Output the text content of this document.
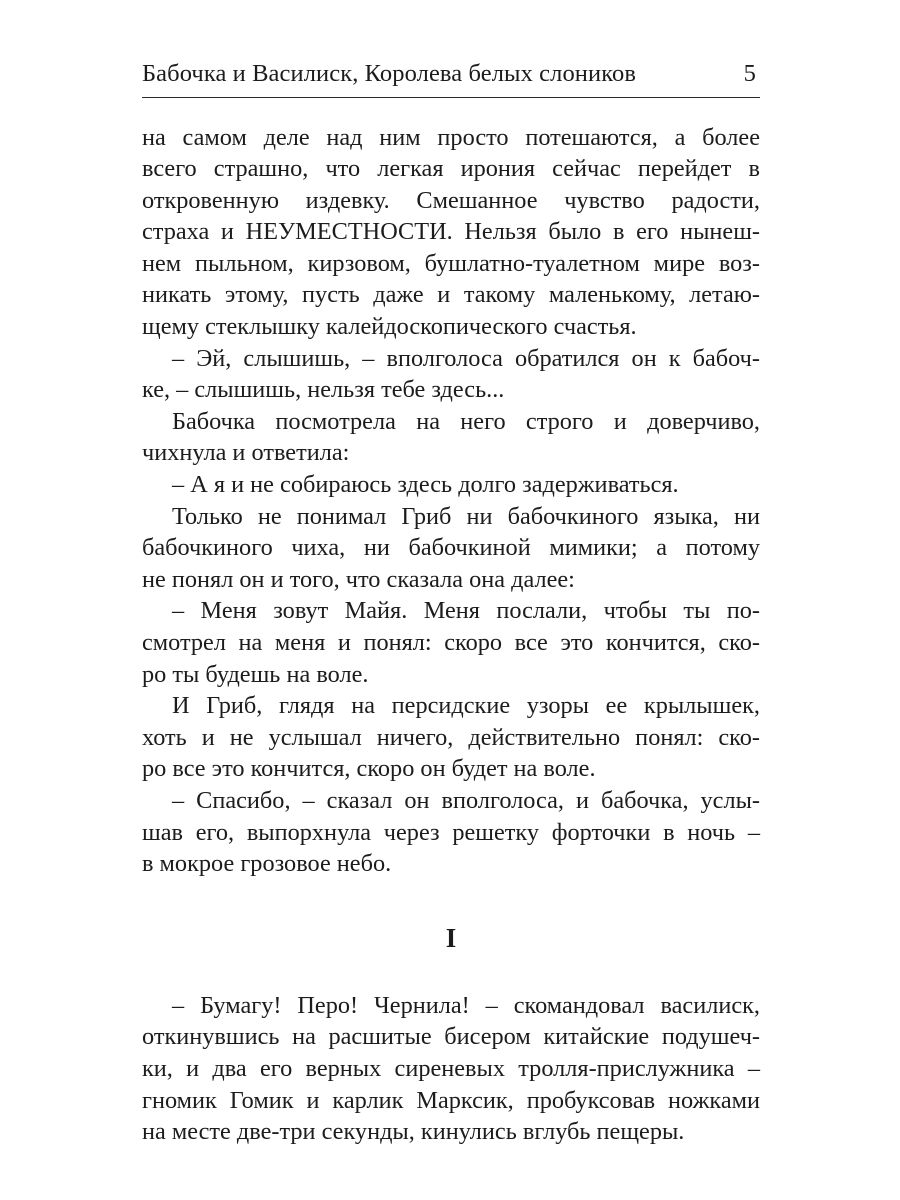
Бабочка и Василиск, Королева белых слоников	5
на самом деле над ним просто потешаются, а более
всего страшно, что легкая ирония сейчас перейдет в
откровенную издевку. Смешанное чувство радости,
страха и НЕУМЕСТНОСТИ. Нельзя было в его нынеш-
нем пыльном, кирзовом, бушлатно-туалетном мире воз-
никать этому, пусть даже и такому маленькому, летаю-
щему стеклышку калейдоскопического счастья.
– Эй, слышишь, – вполголоса обратился он к бабоч-
ке, – слышишь, нельзя тебе здесь...
Бабочка посмотрела на него строго и доверчиво,
чихнула и ответила:
– А я и не собираюсь здесь долго задерживаться.
Только не понимал Гриб ни бабочкиного языка, ни
бабочкиного чиха, ни бабочкиной мимики; а потому
не понял он и того, что сказала она далее:
– Меня зовут Майя. Меня послали, чтобы ты по-
смотрел на меня и понял: скоро все это кончится, ско-
ро ты будешь на воле.
И Гриб, глядя на персидские узоры ее крылышек,
хоть и не услышал ничего, действительно понял: ско-
ро все это кончится, скоро он будет на воле.
– Спасибо, – сказал он вполголоса, и бабочка, услы-
шав его, выпорхнула через решетку форточки в ночь –
в мокрое грозовое небо.
I
– Бумагу! Перо! Чернила! – скомандовал василиск,
откинувшись на расшитые бисером китайские подушеч-
ки, и два его верных сиреневых тролля-прислужника –
гномик Гомик и карлик Марксик, пробуксовав ножками
на месте две-три секунды, кинулись вглубь пещеры.
